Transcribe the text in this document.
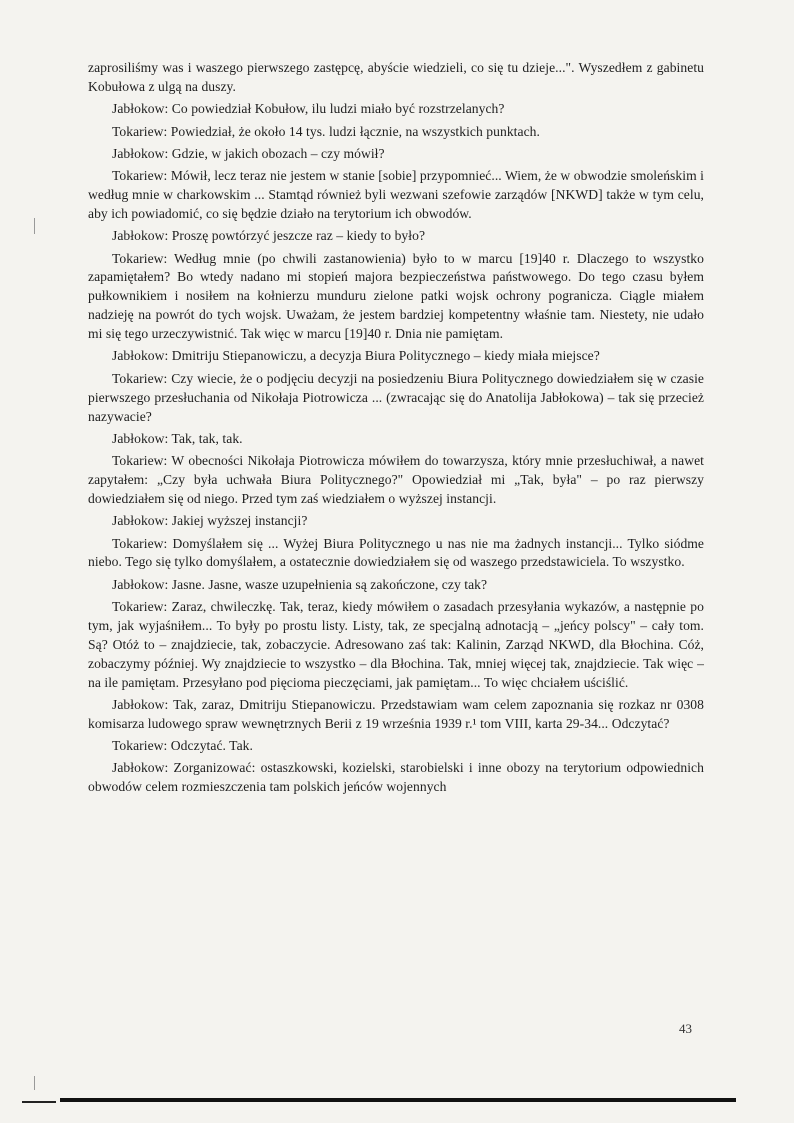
zaprosiliśmy was i waszego pierwszego zastępcę, abyście wiedzieli, co się tu dzieje...". Wyszedłem z gabinetu Kobułowa z ulgą na duszy.

Jabłokow: Co powiedział Kobułow, ilu ludzi miało być rozstrzelanych?

Tokariew: Powiedział, że około 14 tys. ludzi łącznie, na wszystkich punktach.

Jabłokow: Gdzie, w jakich obozach – czy mówił?

Tokariew: Mówił, lecz teraz nie jestem w stanie [sobie] przypomnieć... Wiem, że w obwodzie smoleńskim i według mnie w charkowskim ... Stamtąd również byli wezwani szefowie zarządów [NKWD] także w tym celu, aby ich powiadomić, co się będzie działo na terytorium ich obwodów.

Jabłokow: Proszę powtórzyć jeszcze raz – kiedy to było?

Tokariew: Według mnie (po chwili zastanowienia) było to w marcu [19]40 r. Dlaczego to wszystko zapamiętałem? Bo wtedy nadano mi stopień majora bezpieczeństwa państwowego. Do tego czasu byłem pułkownikiem i nosiłem na kołnierzu munduru zielone patki wojsk ochrony pogranicza. Ciągle miałem nadzieję na powrót do tych wojsk. Uważam, że jestem bardziej kompetentny właśnie tam. Niestety, nie udało mi się tego urzeczywistnić. Tak więc w marcu [19]40 r. Dnia nie pamiętam.

Jabłokow: Dmitriju Stiepanowiczu, a decyzja Biura Politycznego – kiedy miała miejsce?

Tokariew: Czy wiecie, że o podjęciu decyzji na posiedzeniu Biura Politycznego dowiedziałem się w czasie pierwszego przesłuchania od Nikołaja Piotrowicza ... (zwracając się do Anatolija Jabłokowa) – tak się przecież nazywacie?

Jabłokow: Tak, tak, tak.

Tokariew: W obecności Nikołaja Piotrowicza mówiłem do towarzysza, który mnie przesłuchiwał, a nawet zapytałem: „Czy była uchwała Biura Politycznego?" Opowiedział mi „Tak, była" – po raz pierwszy dowiedziałem się od niego. Przed tym zaś wiedziałem o wyższej instancji.

Jabłokow: Jakiej wyższej instancji?

Tokariew: Domyślałem się ... Wyżej Biura Politycznego u nas nie ma żadnych instancji... Tylko siódme niebo. Tego się tylko domyślałem, a ostatecznie dowiedziałem się od waszego przedstawiciela. To wszystko.

Jabłokow: Jasne. Jasne, wasze uzupełnienia są zakończone, czy tak?

Tokariew: Zaraz, chwileczkę. Tak, teraz, kiedy mówiłem o zasadach przesyłania wykazów, a następnie po tym, jak wyjaśniłem... To były po prostu listy. Listy, tak, ze specjalną adnotacją – „jeńcy polscy" – cały tom. Są? Otóż to – znajdziecie, tak, zobaczycie. Adresowano zaś tak: Kalinin, Zarząd NKWD, dla Błochina. Cóż, zobaczymy później. Wy znajdziecie to wszystko – dla Błochina. Tak, mniej więcej tak, znajdziecie. Tak więc – na ile pamiętam. Przesyłano pod pięcioma pieczęciami, jak pamiętam... To więc chciałem uściślić.

Jabłokow: Tak, zaraz, Dmitriju Stiepanowiczu. Przedstawiam wam celem zapoznania się rozkaz nr 0308 komisarza ludowego spraw wewnętrznych Berii z 19 września 1939 r.¹ tom VIII, karta 29-34... Odczytać?

Tokariew: Odczytać. Tak.

Jabłokow: Zorganizować: ostaszkowski, kozielski, starobielski i inne obozy na terytorium odpowiednich obwodów celem rozmieszczenia tam polskich jeńców wojennych

43
